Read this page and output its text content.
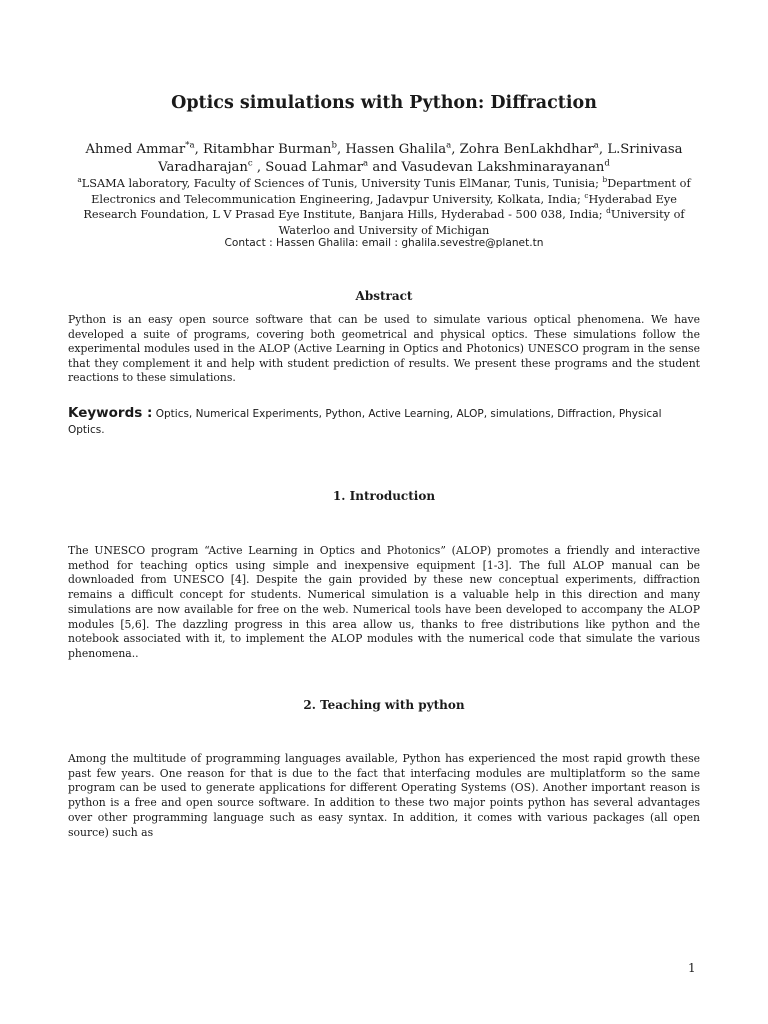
Optics simulations with Python: Diffraction
Ahmed Ammar$^{*a}$, Ritambhar Burman$^b$, Hassen Ghalila$^a$, Zohra BenLakhdhar$^a$, L.Srinivasa Varadharajan$^c$ , Souad Lahmar$^a$ and Vasudevan Lakshminarayanan$^d$
$^a$LSAMA laboratory, Faculty of Sciences of Tunis, University Tunis ElManar, Tunis, Tunisia; $^b$Department of Electronics and Telecommunication Engineering, Jadavpur University, Kolkata, India; $^c$Hyderabad Eye Research Foundation, L V Prasad Eye Institute, Banjara Hills, Hyderabad - 500 038, India; $^d$University of Waterloo and University of Michigan
Contact : Hassen Ghalila: email : ghalila.sevestre@planet.tn
Abstract
Python is an easy open source software that can be used to simulate various optical phenomena. We have developed a suite of programs, covering both geometrical and physical optics. These simulations follow the experimental modules used in the ALOP (Active Learning in Optics and Photonics) UNESCO program in the sense that they complement it and help with student prediction of results. We present these programs and the student reactions to these simulations.
Keywords : Optics, Numerical Experiments, Python, Active Learning, ALOP, simulations, Diffraction, Physical Optics.
1. Introduction
The UNESCO program “Active Learning in Optics and Photonics” (ALOP) promotes a friendly and interactive method for teaching optics using simple and inexpensive equipment [1-3]. The full ALOP manual can be downloaded from UNESCO [4]. Despite the gain provided by these new conceptual experiments, diffraction remains a difficult concept for students. Numerical simulation is a valuable help in this direction and many simulations are now available for free on the web. Numerical tools have been developed to accompany the ALOP modules [5,6]. The dazzling progress in this area allow us, thanks to free distributions like python and the notebook associated with it, to implement the ALOP modules with the numerical code that simulate the various phenomena..
2. Teaching with python
Among the multitude of programming languages available, Python has experienced the most rapid growth these past few years. One reason for that is due to the fact that interfacing modules are multiplatform so the same program can be used to generate applications for different Operating Systems (OS). Another important reason is python is a free and open source software. In addition to these two major points python has several advantages over other programming language such as easy syntax. In addition, it comes with various packages (all open source) such as
1
